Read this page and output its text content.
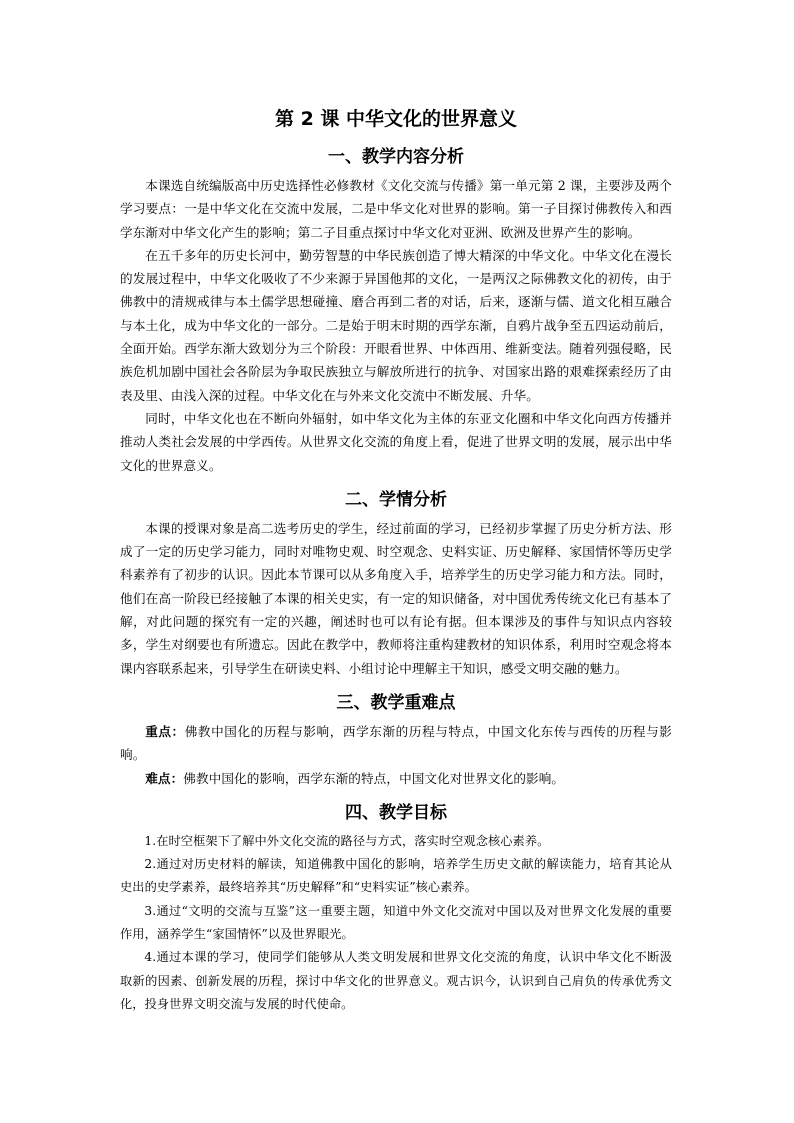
第 2 课 中华文化的世界意义
一、教学内容分析

本课选自统编版高中历史选择性必修教材《文化交流与传播》第一单元第 2 课，主要涉及两个学习要点：一是中华文化在交流中发展，二是中华文化对世界的影响。第一子目探讨佛教传入和西学东渐对中华文化产生的影响；第二子目重点探讨中华文化对亚洲、欧洲及世界产生的影响。

在五千多年的历史长河中，勤劳智慧的中华民族创造了博大精深的中华文化。中华文化在漫长的发展过程中，中华文化吸收了不少来源于异国他邦的文化，一是两汉之际佛教文化的初传，由于佛教中的清规戒律与本土儒学思想碰撞、磨合再到二者的对话，后来，逐渐与儒、道文化相互融合与本土化，成为中华文化的一部分。二是始于明末时期的西学东渐，自鸦片战争至五四运动前后，全面开始。西学东渐大致划分为三个阶段：开眼看世界、中体西用、维新变法。随着列强侵略，民族危机加剧中国社会各阶层为争取民族独立与解放所进行的抗争、对国家出路的艰难探索经历了由表及里、由浅入深的过程。中华文化在与外来文化交流中不断发展、升华。

同时，中华文化也在不断向外辐射，如中华文化为主体的东亚文化圈和中华文化向西方传播并推动人类社会发展的中学西传。从世界文化交流的角度上看，促进了世界文明的发展，展示出中华文化的世界意义。

二、学情分析

本课的授课对象是高二选考历史的学生，经过前面的学习，已经初步掌握了历史分析方法、形成了一定的历史学习能力，同时对唯物史观、时空观念、史料实证、历史解释、家国情怀等历史学科素养有了初步的认识。因此本节课可以从多角度入手，培养学生的历史学习能力和方法。同时，他们在高一阶段已经接触了本课的相关史实，有一定的知识储备，对中国优秀传统文化已有基本了解，对此问题的探究有一定的兴趣，阐述时也可以有论有据。但本课涉及的事件与知识点内容较多，学生对纲要也有所遗忘。因此在教学中，教师将注重构建教材的知识体系，利用时空观念将本课内容联系起来，引导学生在研读史料、小组讨论中理解主干知识，感受文明交融的魅力。

三、教学重难点

重点：佛教中国化的历程与影响，西学东渐的历程与特点，中国文化东传与西传的历程与影响。

难点：佛教中国化的影响，西学东渐的特点，中国文化对世界文化的影响。

四、教学目标

1.在时空框架下了解中外文化交流的路径与方式，落实时空观念核心素养。

2.通过对历史材料的解读，知道佛教中国化的影响，培养学生历史文献的解读能力，培育其论从史出的史学素养，最终培养其“历史解释”和“史料实证”核心素养。

3.通过“文明的交流与互鉴”这一重要主题，知道中外文化交流对中国以及对世界文化发展的重要作用，涵养学生“家国情怀”以及世界眼光。

4.通过本课的学习，使同学们能够从人类文明发展和世界文化交流的角度，认识中华文化不断汲取新的因素、创新发展的历程，探讨中华文化的世界意义。观古识今，认识到自己肩负的传承优秀文化，投身世界文明交流与发展的时代使命。
